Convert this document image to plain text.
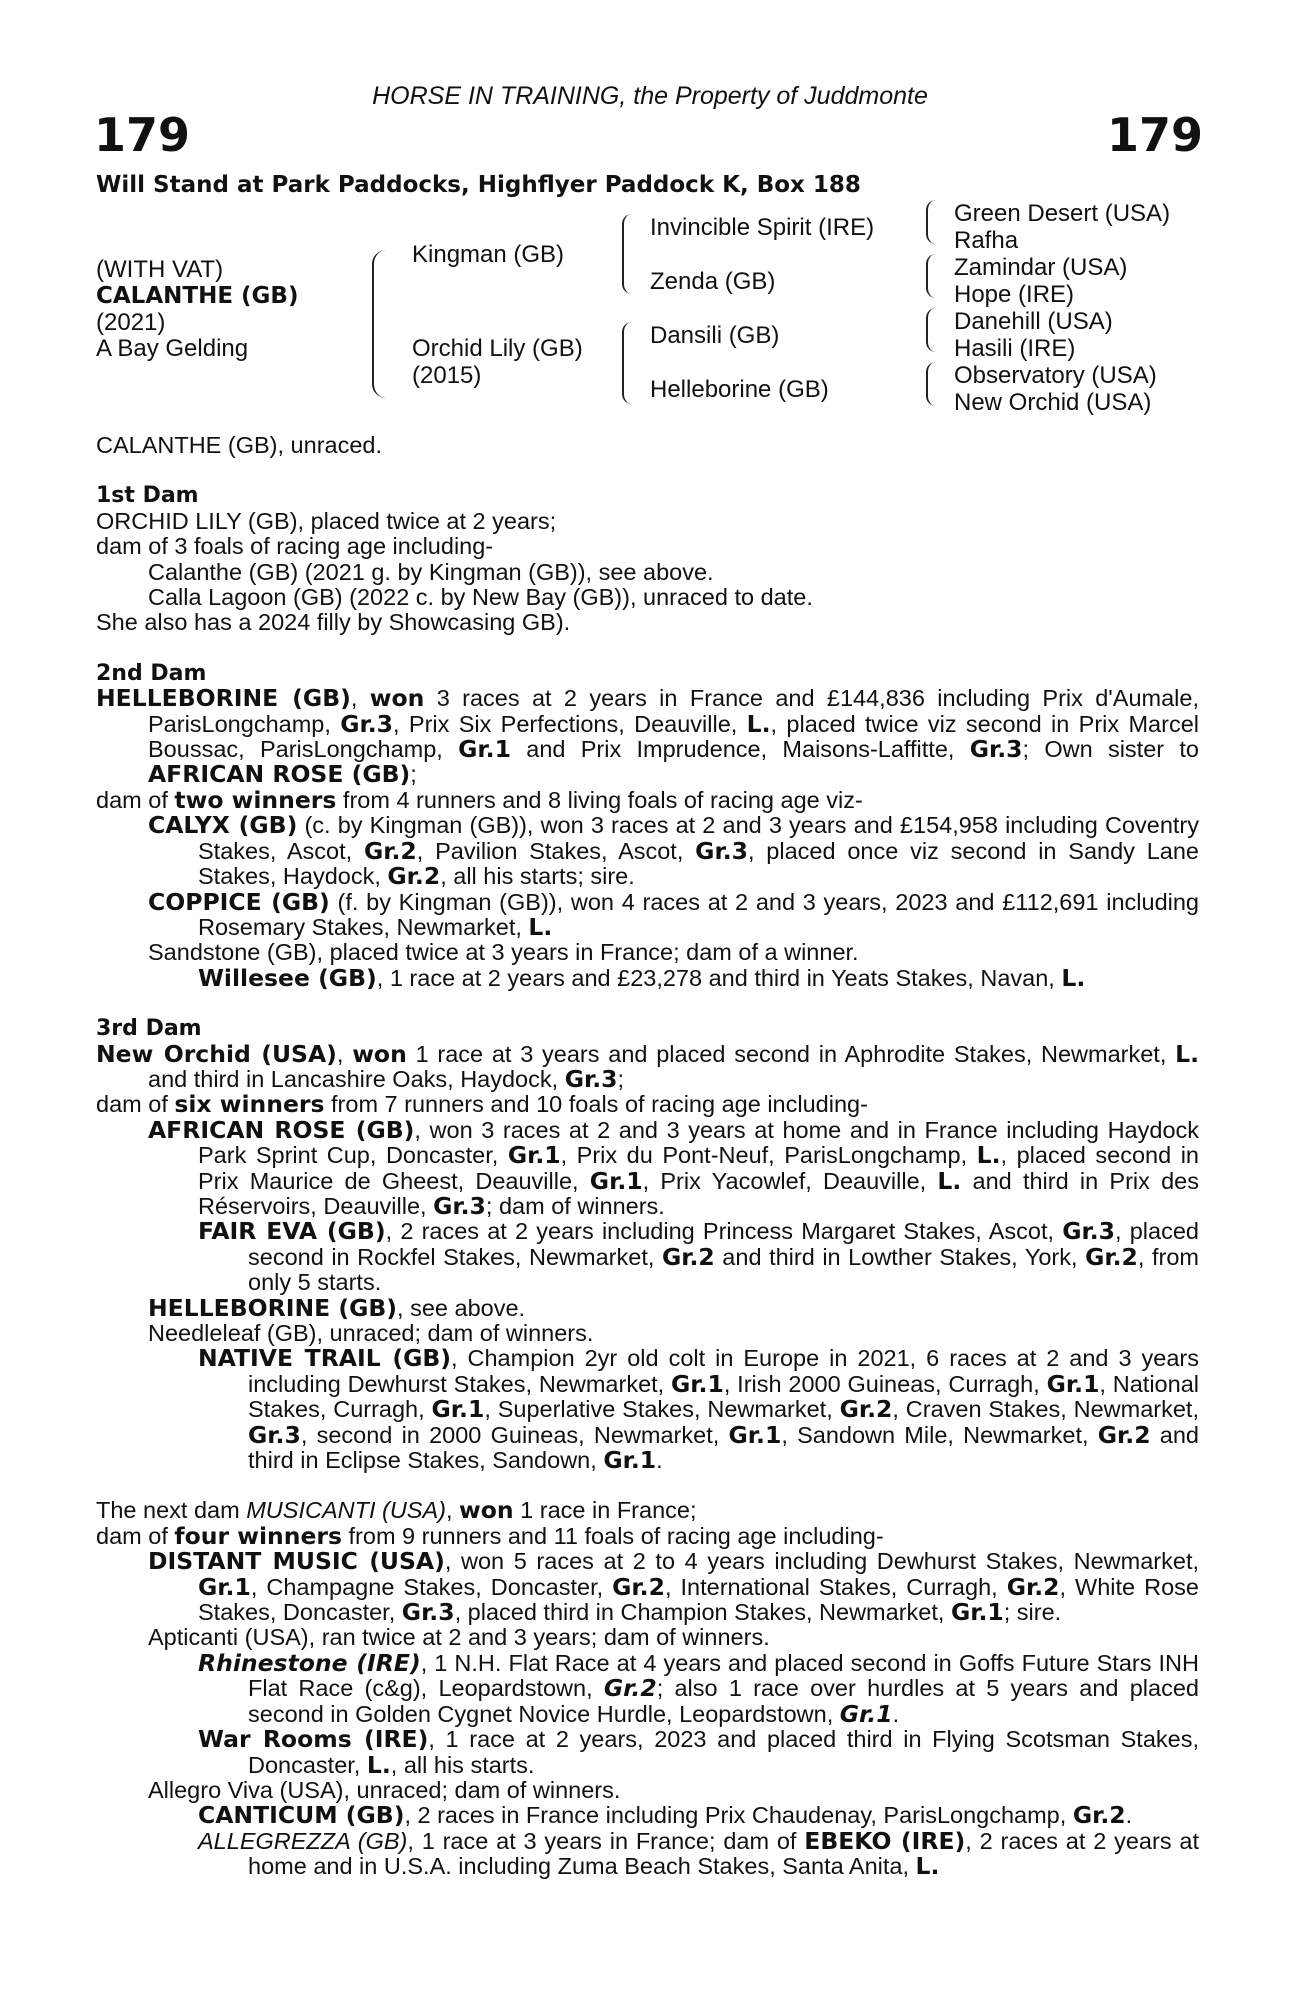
HORSE IN TRAINING, the Property of Juddmonte
179	179
Will Stand at Park Paddocks, Highflyer Paddock K, Box 188
(WITH VAT)
CALANTHE (GB)
(2021)
A Bay Gelding
Kingman (GB)
Orchid Lily (GB)
(2015)
Invincible Spirit (IRE)
Zenda (GB)
Dansili (GB)
Helleborine (GB)
Green Desert (USA)
Rafha
Zamindar (USA)
Hope (IRE)
Danehill (USA)
Hasili (IRE)
Observatory (USA)
New Orchid (USA)

CALANTHE (GB), unraced.

1st Dam

ORCHID LILY (GB), placed twice at 2 years;

dam of 3 foals of racing age including-

Calanthe (GB) (2021 g. by Kingman (GB)), see above.

Calla Lagoon (GB) (2022 c. by New Bay (GB)), unraced to date.

She also has a 2024 filly by Showcasing GB).

2nd Dam

HELLEBORINE (GB), won 3 races at 2 years in France and £144,836 including Prix d'Aumale, ParisLongchamp, Gr.3, Prix Six Perfections, Deauville, L., placed twice viz second in Prix Marcel Boussac, ParisLongchamp, Gr.1 and Prix Imprudence, Maisons-Laffitte, Gr.3; Own sister to AFRICAN ROSE (GB);

dam of two winners from 4 runners and 8 living foals of racing age viz-

CALYX (GB) (c. by Kingman (GB)), won 3 races at 2 and 3 years and £154,958 including Coventry Stakes, Ascot, Gr.2, Pavilion Stakes, Ascot, Gr.3, placed once viz second in Sandy Lane Stakes, Haydock, Gr.2, all his starts; sire.

COPPICE (GB) (f. by Kingman (GB)), won 4 races at 2 and 3 years, 2023 and £112,691 including Rosemary Stakes, Newmarket, L.

Sandstone (GB), placed twice at 3 years in France; dam of a winner.

Willesee (GB), 1 race at 2 years and £23,278 and third in Yeats Stakes, Navan, L.

3rd Dam

New Orchid (USA), won 1 race at 3 years and placed second in Aphrodite Stakes, Newmarket, L. and third in Lancashire Oaks, Haydock, Gr.3;

dam of six winners from 7 runners and 10 foals of racing age including-

AFRICAN ROSE (GB), won 3 races at 2 and 3 years at home and in France including Haydock Park Sprint Cup, Doncaster, Gr.1, Prix du Pont-Neuf, ParisLongchamp, L., placed second in Prix Maurice de Gheest, Deauville, Gr.1, Prix Yacowlef, Deauville, L. and third in Prix des Réservoirs, Deauville, Gr.3; dam of winners.

FAIR EVA (GB), 2 races at 2 years including Princess Margaret Stakes, Ascot, Gr.3, placed second in Rockfel Stakes, Newmarket, Gr.2 and third in Lowther Stakes, York, Gr.2, from only 5 starts.

HELLEBORINE (GB), see above.

Needleleaf (GB), unraced; dam of winners.

NATIVE TRAIL (GB), Champion 2yr old colt in Europe in 2021, 6 races at 2 and 3 years including Dewhurst Stakes, Newmarket, Gr.1, Irish 2000 Guineas, Curragh, Gr.1, National Stakes, Curragh, Gr.1, Superlative Stakes, Newmarket, Gr.2, Craven Stakes, Newmarket, Gr.3, second in 2000 Guineas, Newmarket, Gr.1, Sandown Mile, Newmarket, Gr.2 and third in Eclipse Stakes, Sandown, Gr.1.

The next dam MUSICANTI (USA), won 1 race in France;

dam of four winners from 9 runners and 11 foals of racing age including-

DISTANT MUSIC (USA), won 5 races at 2 to 4 years including Dewhurst Stakes, Newmarket, Gr.1, Champagne Stakes, Doncaster, Gr.2, International Stakes, Curragh, Gr.2, White Rose Stakes, Doncaster, Gr.3, placed third in Champion Stakes, Newmarket, Gr.1; sire.

Apticanti (USA), ran twice at 2 and 3 years; dam of winners.

Rhinestone (IRE), 1 N.H. Flat Race at 4 years and placed second in Goffs Future Stars INH Flat Race (c&g), Leopardstown, Gr.2; also 1 race over hurdles at 5 years and placed second in Golden Cygnet Novice Hurdle, Leopardstown, Gr.1.

War Rooms (IRE), 1 race at 2 years, 2023 and placed third in Flying Scotsman Stakes, Doncaster, L., all his starts.

Allegro Viva (USA), unraced; dam of winners.

CANTICUM (GB), 2 races in France including Prix Chaudenay, ParisLongchamp, Gr.2.

ALLEGREZZA (GB), 1 race at 3 years in France; dam of EBEKO (IRE), 2 races at 2 years at home and in U.S.A. including Zuma Beach Stakes, Santa Anita, L.
